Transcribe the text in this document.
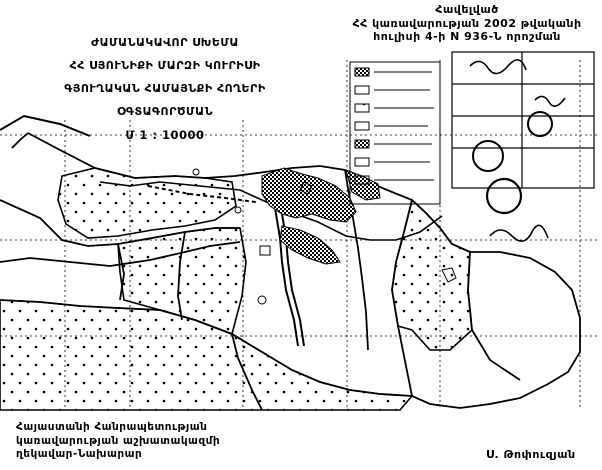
ԺԱՄԱՆԱԿԱՎՈՐ ՍԽԵՄԱ
ՀՀ ՍՅՈՒՆԻՔԻ ՄԱՐԶԻ ԿՈՒՐԻՍԻ
ԳՅՈՒՂԱԿԱՆ ՀԱՄԱՅՆՔԻ ՀՈՂԵՐԻ
ՕԳՏԱԳՈՐԾՄԱՆ
Մ 1 : 10000
Հավելված
ՀՀ կառավարության 2002 թվականի
հուլիսի 4-ի N 936-Ն որոշման
Հայաստանի Հանրապետության
կառավարության աշխատակազմի
ղեկավար-Նախարար	Ս. Թոփուզյան
